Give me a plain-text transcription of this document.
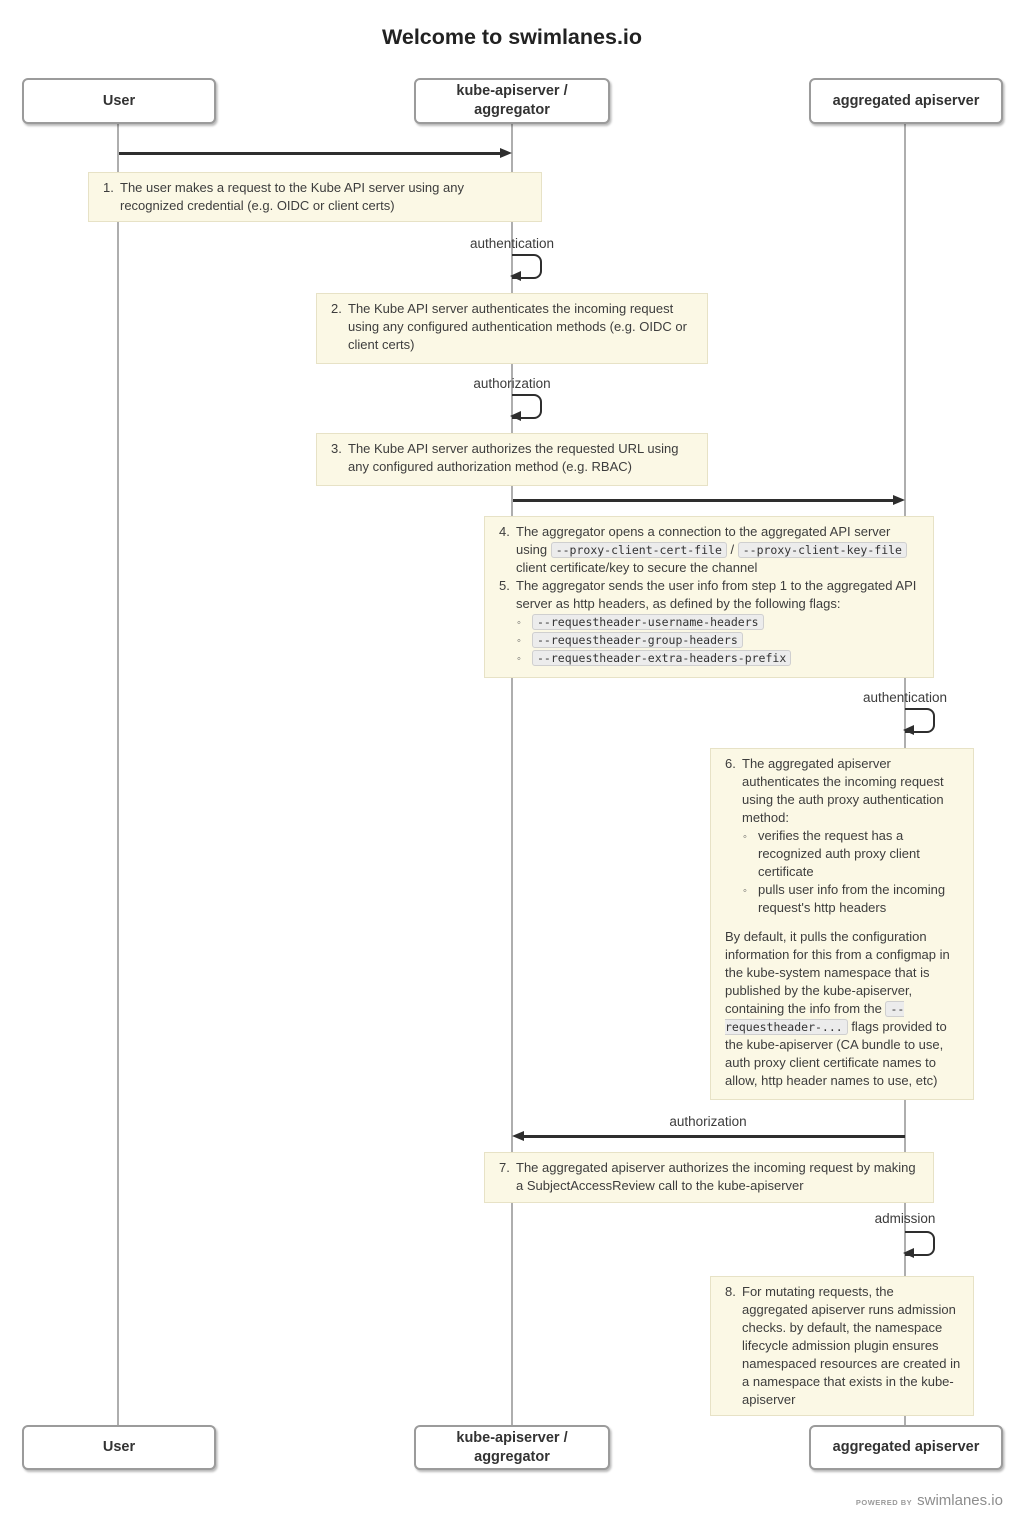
Welcome to swimlanes.io
User
kube-apiserver /
aggregator
aggregated apiserver
1. The user makes a request to the Kube API server using any recognized credential (e.g. OIDC or client certs)
authentication
2. The Kube API server authenticates the incoming request using any configured authentication methods (e.g. OIDC or client certs)
authorization
3. The Kube API server authorizes the requested URL using any configured authorization method (e.g. RBAC)
4. The aggregator opens a connection to the aggregated API server using --proxy-client-cert-file / --proxy-client-key-file client certificate/key to secure the channel
5. The aggregator sends the user info from step 1 to the aggregated API server as http headers, as defined by the following flags:
◦	--requestheader-username-headers
◦	--requestheader-group-headers
◦	--requestheader-extra-headers-prefix
authentication
6. The aggregated apiserver authenticates the incoming request using the auth proxy authentication method:
◦ verifies the request has a recognized auth proxy client certificate
◦ pulls user info from the incoming request's http headers
By default, it pulls the configuration information for this from a configmap in the kube-system namespace that is published by the kube-apiserver, containing the info from the --requestheader-... flags provided to the kube-apiserver (CA bundle to use, auth proxy client certificate names to allow, http header names to use, etc)
authorization
7. The aggregated apiserver authorizes the incoming request by making a SubjectAccessReview call to the kube-apiserver
admission
8. For mutating requests, the aggregated apiserver runs admission checks. by default, the namespace lifecycle admission plugin ensures namespaced resources are created in a namespace that exists in the kube-apiserver
User
kube-apiserver /
aggregator
aggregated apiserver
POWERED BY swimlanes.io
